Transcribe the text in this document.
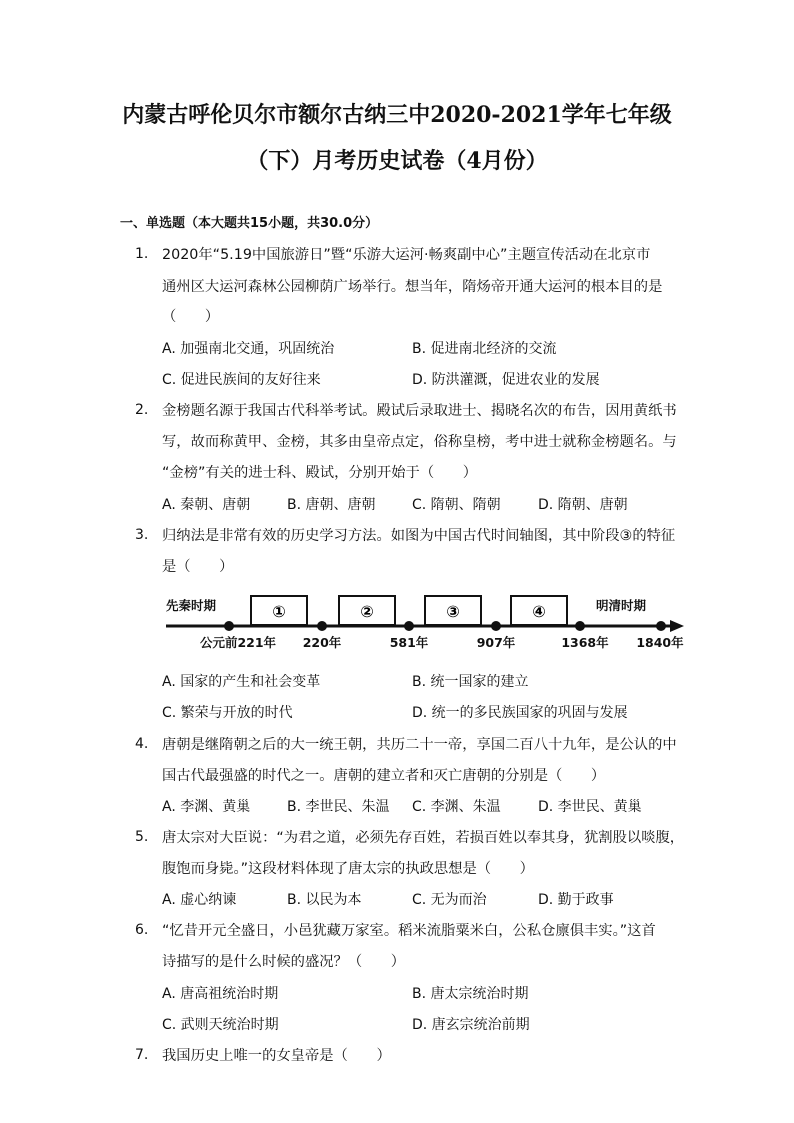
内蒙古呼伦贝尔市额尔古纳三中2020-2021学年七年级
（下）月考历史试卷（4月份）
一、单选题（本大题共15小题，共30.0分）
1. 2020年“5.19中国旅游日”暨“乐游大运河·畅爽副中心”主题宣传活动在北京市
通州区大运河森林公园柳荫广场举行。想当年，隋炀帝开通大运河的根本目的是
（　　）
A. 加强南北交通，巩固统治	B. 促进南北经济的交流
C. 促进民族间的友好往来	D. 防洪灌溉，促进农业的发展
2. 金榜题名源于我国古代科举考试。殿试后录取进士、揭晓名次的布告，因用黄纸书
写，故而称黄甲、金榜，其多由皇帝点定，俗称皇榜，考中进士就称金榜题名。与
“金榜”有关的进士科、殿试，分别开始于（　　）
A. 秦朝、唐朝	B. 唐朝、唐朝	C. 隋朝、隋朝	D. 隋朝、唐朝
3. 归纳法是非常有效的历史学习方法。如图为中国古代时间轴图，其中阶段③的特征
是（　　）
先秦时期	明清时期
①	②	③	④
公元前221年 220年	581年	907年	1368年 1840年
A. 国家的产生和社会变革	B. 统一国家的建立
C. 繁荣与开放的时代	D. 统一的多民族国家的巩固与发展
4. 唐朝是继隋朝之后的大一统王朝，共历二十一帝，享国二百八十九年，是公认的中
国古代最强盛的时代之一。唐朝的建立者和灭亡唐朝的分别是（　　）
A. 李渊、黄巢	B. 李世民、朱温 C. 李渊、朱温	D. 李世民、黄巢
5. 唐太宗对大臣说：“为君之道，必须先存百姓，若损百姓以奉其身，犹割股以啖腹，
腹饱而身毙。”这段材料体现了唐太宗的执政思想是（　　）
A. 虚心纳谏	B. 以民为本	C. 无为而治	D. 勤于政事
6. “忆昔开元全盛日，小邑犹藏万家室。稻米流脂粟米白，公私仓廪俱丰实。”这首
诗描写的是什么时候的盛况？（　　）
A. 唐高祖统治时期	B. 唐太宗统治时期
C. 武则天统治时期	D. 唐玄宗统治前期
7. 我国历史上唯一的女皇帝是（　　）
